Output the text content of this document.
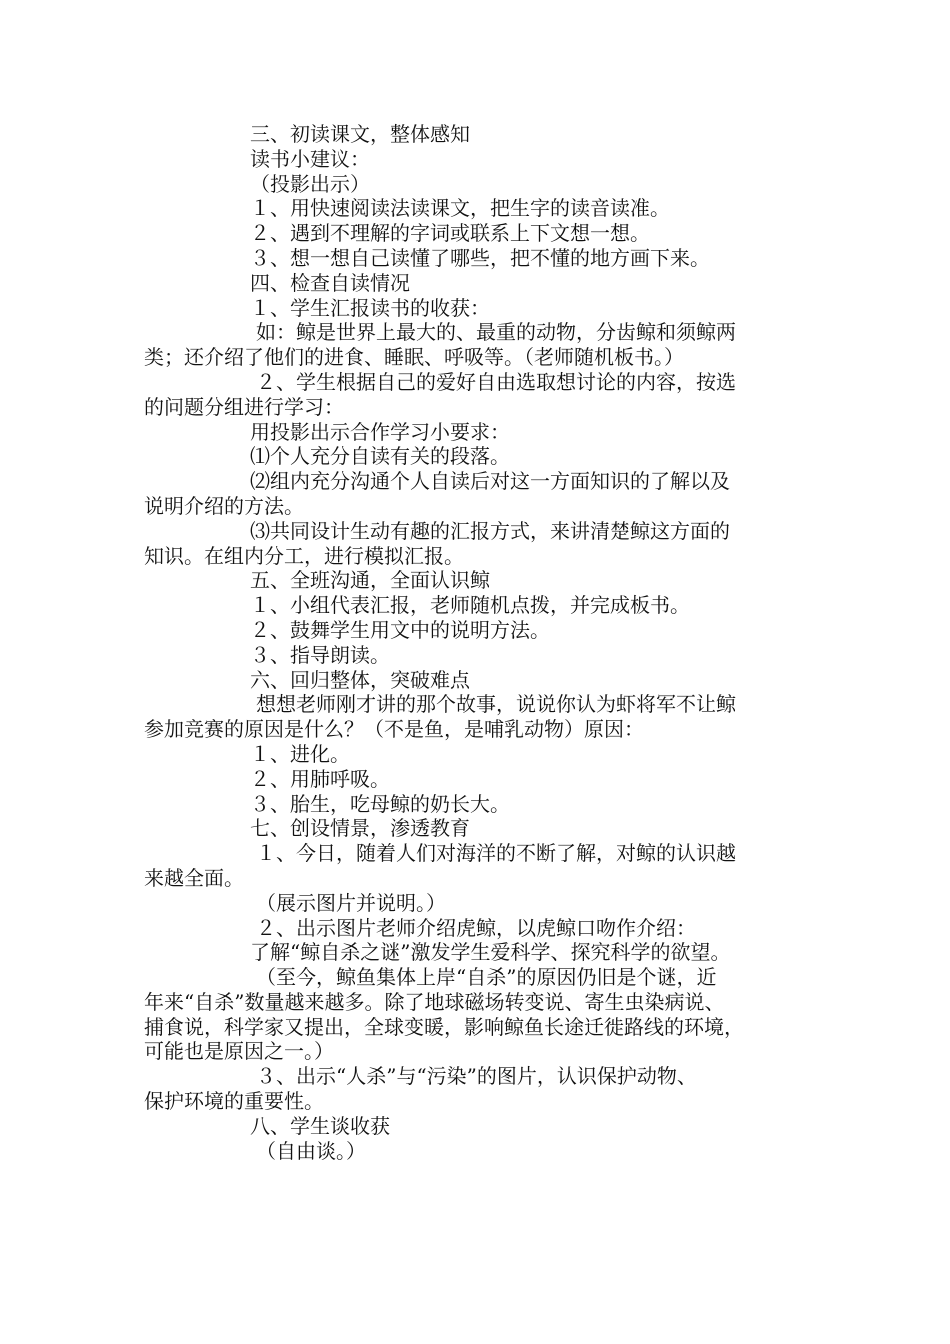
三、初读课文，整体感知

读书小建议：

（投影出示）

１、用快速阅读法读课文，把生字的读音读准。

２、遇到不理解的字词或联系上下文想一想。

３、想一想自己读懂了哪些，把不懂的地方画下来。

四、检查自读情况

１、学生汇报读书的收获：

如：鲸是世界上最大的、最重的动物，分齿鲸和须鲸两

类；还介绍了他们的进食、睡眠、呼吸等。（老师随机板书。）

２、学生根据自己的爱好自由选取想讨论的内容，按选

的问题分组进行学习：

用投影出示合作学习小要求：

⑴个人充分自读有关的段落。

⑵组内充分沟通个人自读后对这一方面知识的了解以及

说明介绍的方法。

⑶共同设计生动有趣的汇报方式，来讲清楚鲸这方面的

知识。在组内分工，进行模拟汇报。

五、全班沟通，全面认识鲸

１、小组代表汇报，老师随机点拨，并完成板书。

２、鼓舞学生用文中的说明方法。

３、指导朗读。

六、回归整体，突破难点

想想老师刚才讲的那个故事，说说你认为虾将军不让鲸

参加竞赛的原因是什么？（不是鱼，是哺乳动物）原因：

１、进化。

２、用肺呼吸。

３、胎生，吃母鲸的奶长大。

七、创设情景，渗透教育

１、今日，随着人们对海洋的不断了解，对鲸的认识越

来越全面。

（展示图片并说明。）

２、出示图片老师介绍虎鲸，以虎鲸口吻作介绍：

了解“鲸自杀之谜”激发学生爱科学、探究科学的欲望。

（至今，鲸鱼集体上岸“自杀”的原因仍旧是个谜，近

年来“自杀”数量越来越多。除了地球磁场转变说、寄生虫染病说、

捕食说，科学家又提出，全球变暖，影响鲸鱼长途迁徙路线的环境，

可能也是原因之一。）

３、出示“人杀”与“污染”的图片，认识保护动物、

保护环境的重要性。

八、学生谈收获

（自由谈。）
